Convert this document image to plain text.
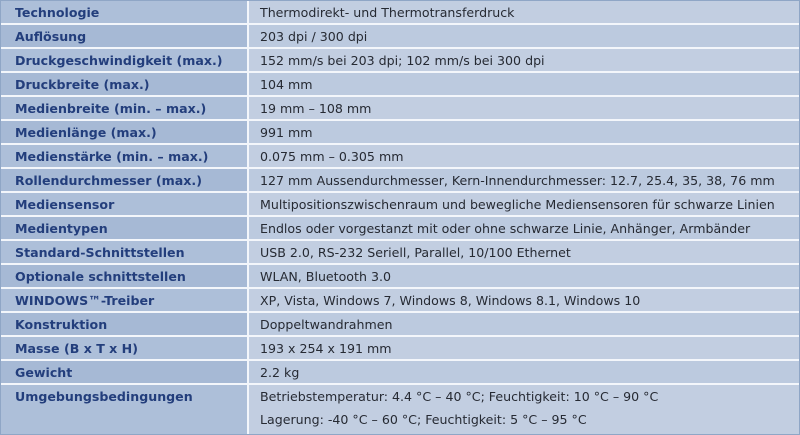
Technologie	Thermodirekt- und Thermotransferdruck
Auflösung	203 dpi / 300 dpi
Druckgeschwindigkeit (max.)	152 mm/s bei 203 dpi; 102 mm/s bei 300 dpi
Druckbreite (max.)	104 mm
Medienbreite (min. – max.)	19 mm – 108 mm
Medienlänge (max.)	991 mm
Medienstärke (min. – max.)	0.075 mm – 0.305 mm
Rollendurchmesser (max.)	127 mm Aussendurchmesser, Kern-Innendurchmesser: 12.7, 25.4, 35, 38, 76 mm
Mediensensor	Multipositionszwischenraum und bewegliche Mediensensoren für schwarze Linien
Medientypen	Endlos oder vorgestanzt mit oder ohne schwarze Linie, Anhänger, Armbänder
Standard-Schnittstellen	USB 2.0, RS-232 Seriell, Parallel, 10/100 Ethernet
Optionale schnittstellen	WLAN, Bluetooth 3.0
WINDOWS™-Treiber	XP, Vista, Windows 7, Windows 8, Windows 8.1, Windows 10
Konstruktion	Doppeltwandrahmen
Masse (B x T x H)	193 x 254 x 191 mm
Gewicht	2.2 kg
Umgebungsbedingungen	Betriebstemperatur: 4.4 °C – 40 °C; Feuchtigkeit: 10 °C – 90 °C
Lagerung: -40 °C – 60 °C; Feuchtigkeit: 5 °C – 95 °C
